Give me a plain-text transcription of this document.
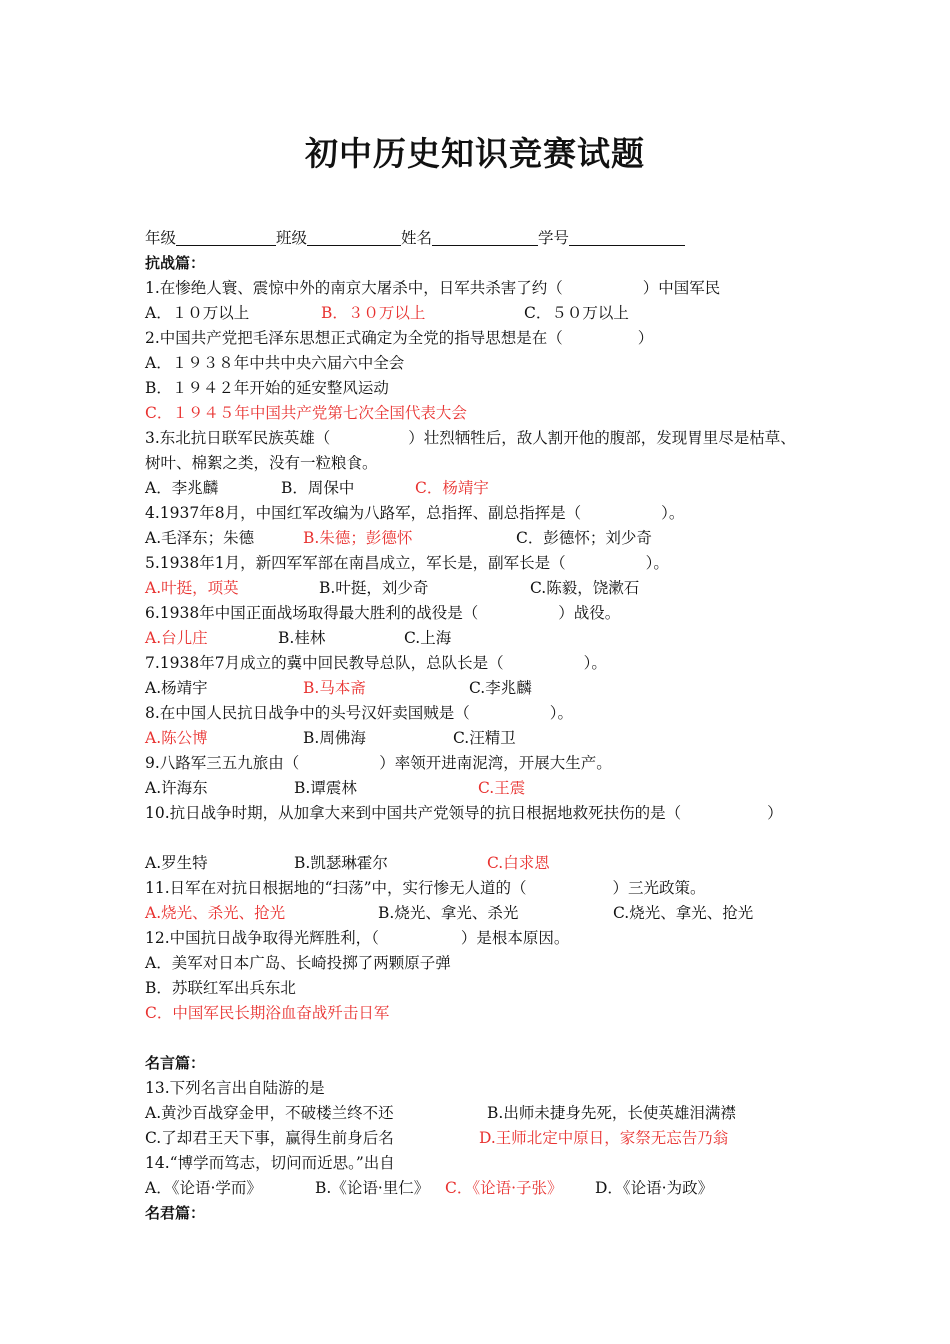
初中历史知识竞赛试题
年级	班级	姓名	学号
抗战篇：
1.在惨绝人寰、震惊中外的南京大屠杀中，日军共杀害了约（	）中国军民
A．１０万以上	B．３０万以上	C．５０万以上
2.中国共产党把毛泽东思想正式确定为全党的指导思想是在（	）
A．１９３８年中共中央六届六中全会
B．１９４２年开始的延安整风运动
C．１９４５年中国共产党第七次全国代表大会
3.东北抗日联军民族英雄（	）壮烈牺牲后，敌人割开他的腹部，发现胃里尽是枯草、
树叶、棉絮之类，没有一粒粮食。
A．李兆麟	B．周保中	C．杨靖宇
4.1937年8月，中国红军改编为八路军，总指挥、副总指挥是（	）。
A.毛泽东；朱德	B.朱德；彭德怀	C．彭德怀；刘少奇
5.1938年1月，新四军军部在南昌成立，军长是，副军长是（	）。
A.叶挺，项英	B.叶挺，刘少奇	C.陈毅，饶漱石
6.1938年中国正面战场取得最大胜利的战役是（	）战役。
A.台儿庄	B.桂林	C.上海
7.1938年7月成立的冀中回民教导总队，总队长是（	）。
A.杨靖宇	B.马本斋	C.李兆麟
8.在中国人民抗日战争中的头号汉奸卖国贼是（	）。
A.陈公博	B.周佛海	C.汪精卫
9.八路军三五九旅由（	）率领开进南泥湾，开展大生产。
A.许海东	B.谭震林	C.王震
10.抗日战争时期，从加拿大来到中国共产党领导的抗日根据地救死扶伤的是（	）
A.罗生特	B.凯瑟琳霍尔	C.白求恩
11.日军在对抗日根据地的“扫荡”中，实行惨无人道的（	）三光政策。
A.烧光、杀光、抢光	B.烧光、拿光、杀光	C.烧光、拿光、抢光
12.中国抗日战争取得光辉胜利，（	）是根本原因。
A．美军对日本广岛、长崎投掷了两颗原子弹
B．苏联红军出兵东北
C．中国军民长期浴血奋战歼击日军
名言篇：
13.下列名言出自陆游的是
A.黄沙百战穿金甲，不破楼兰终不还	B.出师未捷身先死，长使英雄泪满襟
C.了却君王天下事，赢得生前身后名	D.王师北定中原日，家祭无忘告乃翁
14.“博学而笃志，切问而近思。”出自
A．《论语·学而》	B.《论语·里仁》 C．《论语·子张》 D．《论语·为政》
名君篇：
